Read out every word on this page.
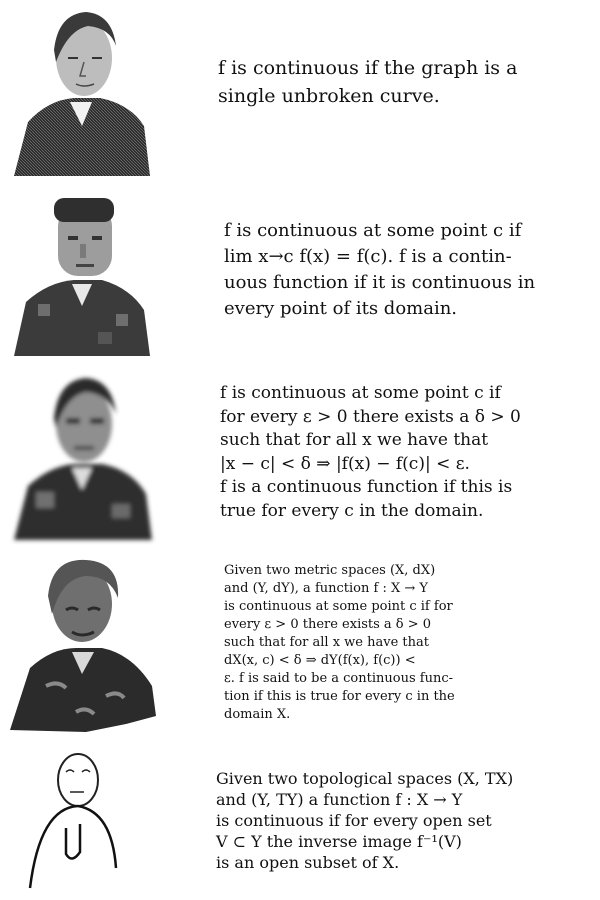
f is continuous if the graph is a
single unbroken curve.
f is continuous at some point c if
lim x→c f(x) = f(c). f is a contin-
uous function if it is continuous in
every point of its domain.
f is continuous at some point c if
for every ε > 0 there exists a δ > 0
such that for all x we have that
|x − c| < δ ⇒ |f(x) − f(c)| < ε.
f is a continuous function if this is
true for every c in the domain.
Given two metric spaces (X, dX)
and (Y, dY), a function f : X → Y
is continuous at some point c if for
every ε > 0 there exists a δ > 0
such that for all x we have that
dX(x, c) < δ ⇒ dY(f(x), f(c)) <
ε. f is said to be a continuous func-
tion if this is true for every c in the
domain X.
Given two topological spaces (X, TX)
and (Y, TY) a function f : X → Y
is continuous if for every open set
V ⊂ Y the inverse image f⁻¹(V)
is an open subset of X.
